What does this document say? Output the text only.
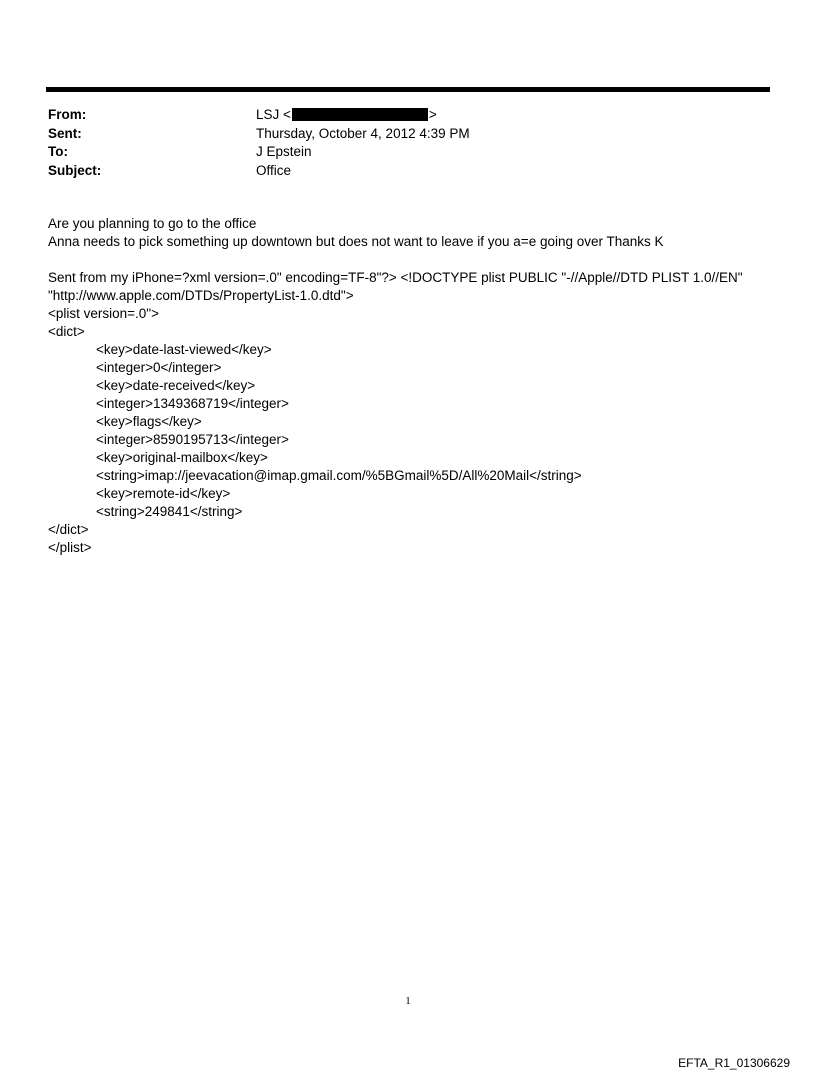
From:	LSJ <	>
Sent:	Thursday, October 4, 2012 4:39 PM
To:	J Epstein
Subject:	Office
Are you planning to go to the office
Anna needs to pick something up downtown but does not want to leave if you a=e going over Thanks K
Sent from my iPhone=?xml version=.0" encoding=TF-8"?> <!DOCTYPE plist PUBLIC "-//Apple//DTD PLIST 1.0//EN"
"http://www.apple.com/DTDs/PropertyList-1.0.dtd">
<plist version=.0">
<dict>
<key>date-last-viewed</key>
<integer>0</integer>
<key>date-received</key>
<integer>1349368719</integer>
<key>flags</key>
<integer>8590195713</integer>
<key>original-mailbox</key>
<string>imap://jeevacation@imap.gmail.com/%5BGmail%5D/All%20Mail</string>
<key>remote-id</key>
<string>249841</string>
</dict>
</plist>
1
EFTA_R1_01306629
